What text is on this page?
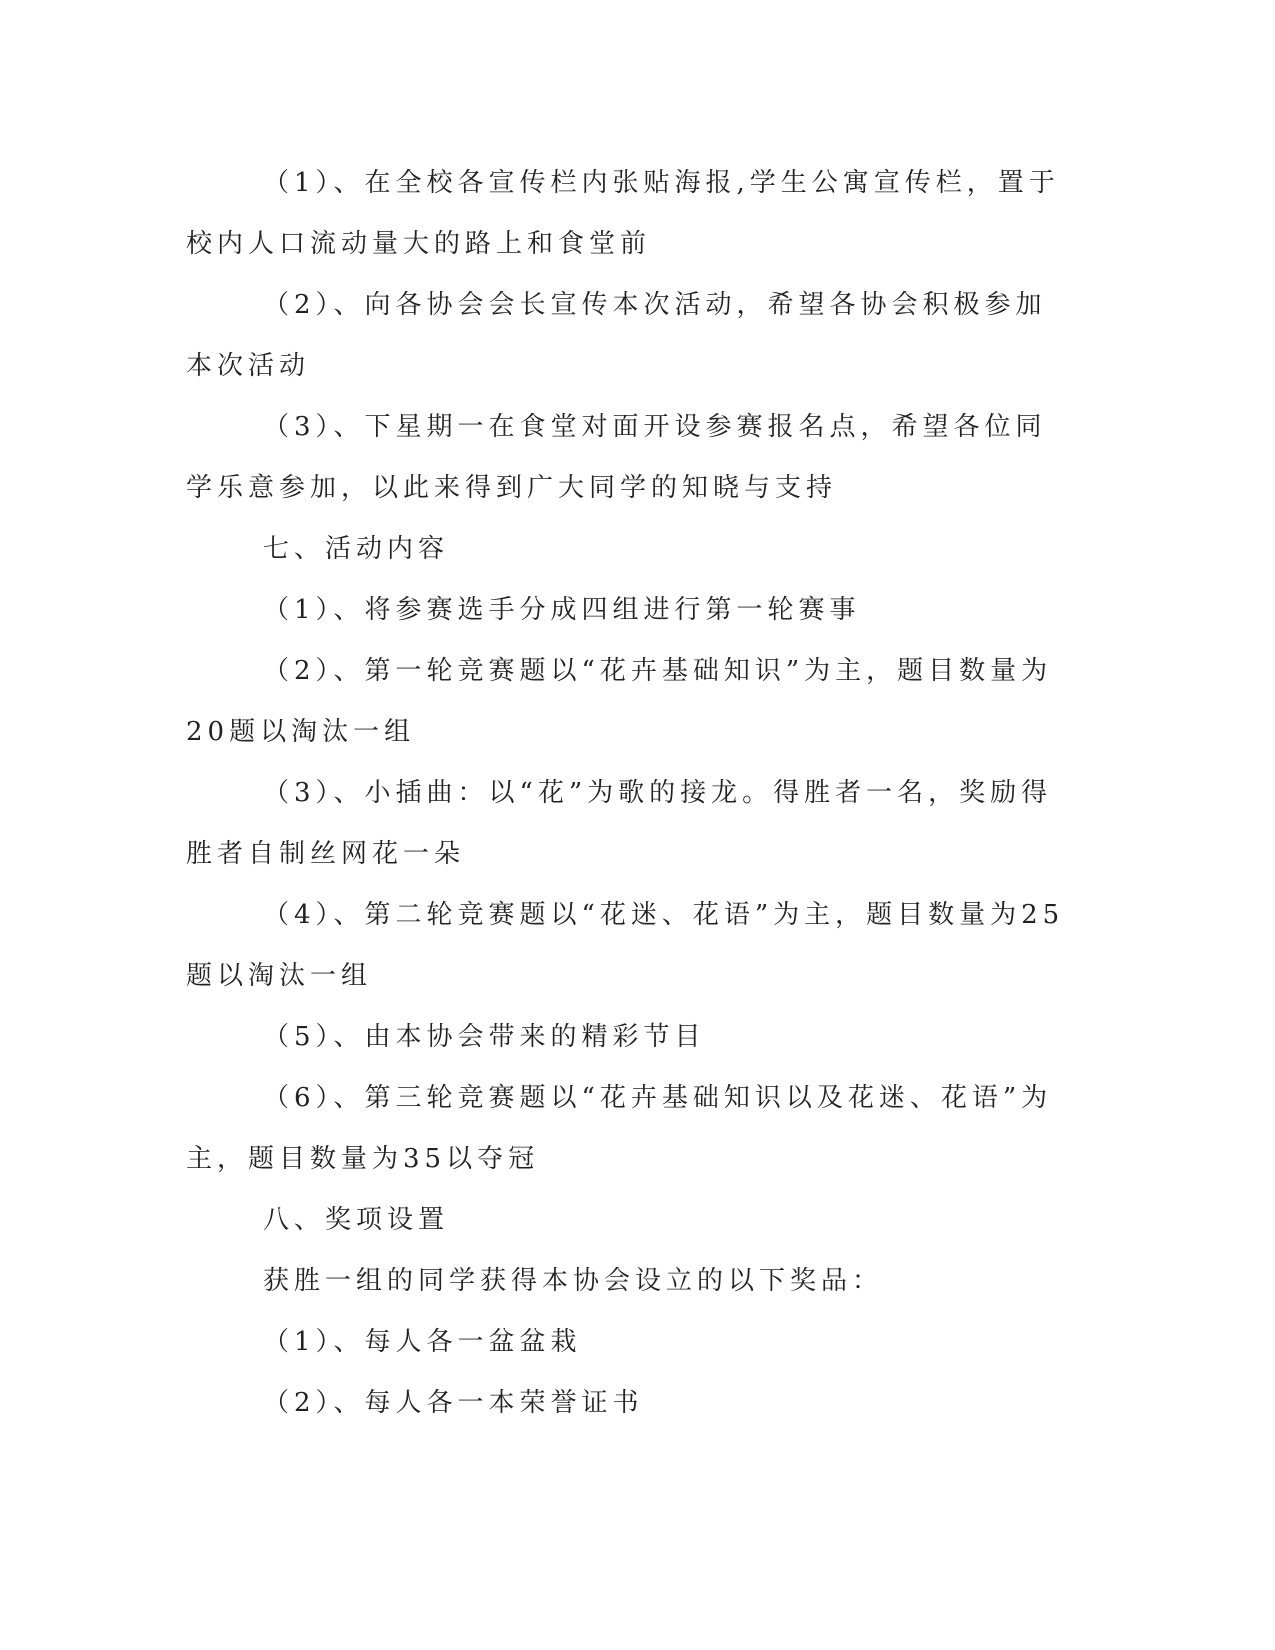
（1）、在全校各宣传栏内张贴海报,学生公寓宣传栏，置于校内人口流动量大的路上和食堂前

（2）、向各协会会长宣传本次活动，希望各协会积极参加本次活动

（3）、下星期一在食堂对面开设参赛报名点，希望各位同学乐意参加，以此来得到广大同学的知晓与支持

七、活动内容

（1）、将参赛选手分成四组进行第一轮赛事

（2）、第一轮竞赛题以“花卉基础知识”为主，题目数量为20题以淘汰一组

（3）、小插曲：以“花”为歌的接龙。得胜者一名，奖励得胜者自制丝网花一朵

（4）、第二轮竞赛题以“花迷、花语”为主，题目数量为25题以淘汰一组

（5）、由本协会带来的精彩节目

（6）、第三轮竞赛题以“花卉基础知识以及花迷、花语”为主，题目数量为35以夺冠

八、奖项设置

获胜一组的同学获得本协会设立的以下奖品：

（1）、每人各一盆盆栽

（2）、每人各一本荣誉证书
